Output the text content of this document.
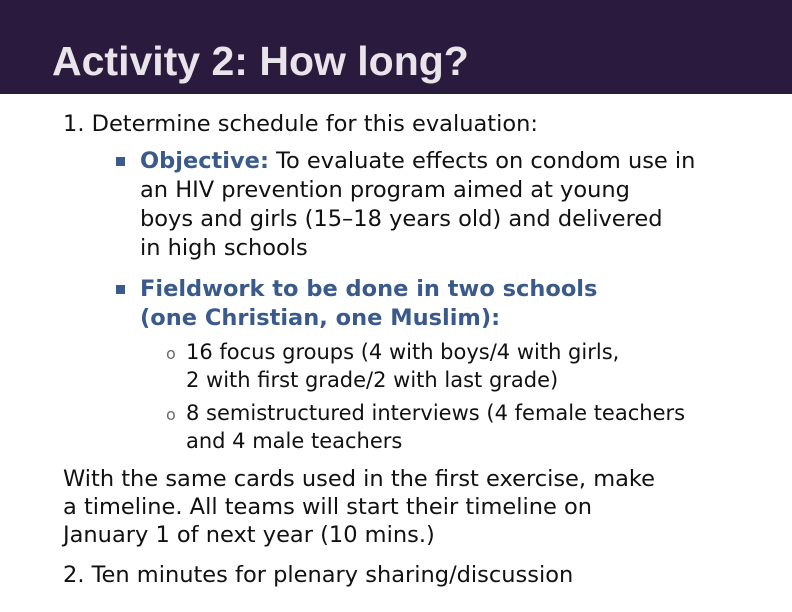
Activity 2: How long?
1. Determine schedule for this evaluation:
Objective: To evaluate effects on condom use in
an HIV prevention program aimed at young
boys and girls (15–18 years old) and delivered
in high schools
Fieldwork to be done in two schools
(one Christian, one Muslim):
o 16 focus groups (4 with boys/4 with girls,
2 with first grade/2 with last grade)
o 8 semistructured interviews (4 female teachers
and 4 male teachers
With the same cards used in the first exercise, make
a timeline. All teams will start their timeline on
January 1 of next year (10 mins.)
2. Ten minutes for plenary sharing/discussion
